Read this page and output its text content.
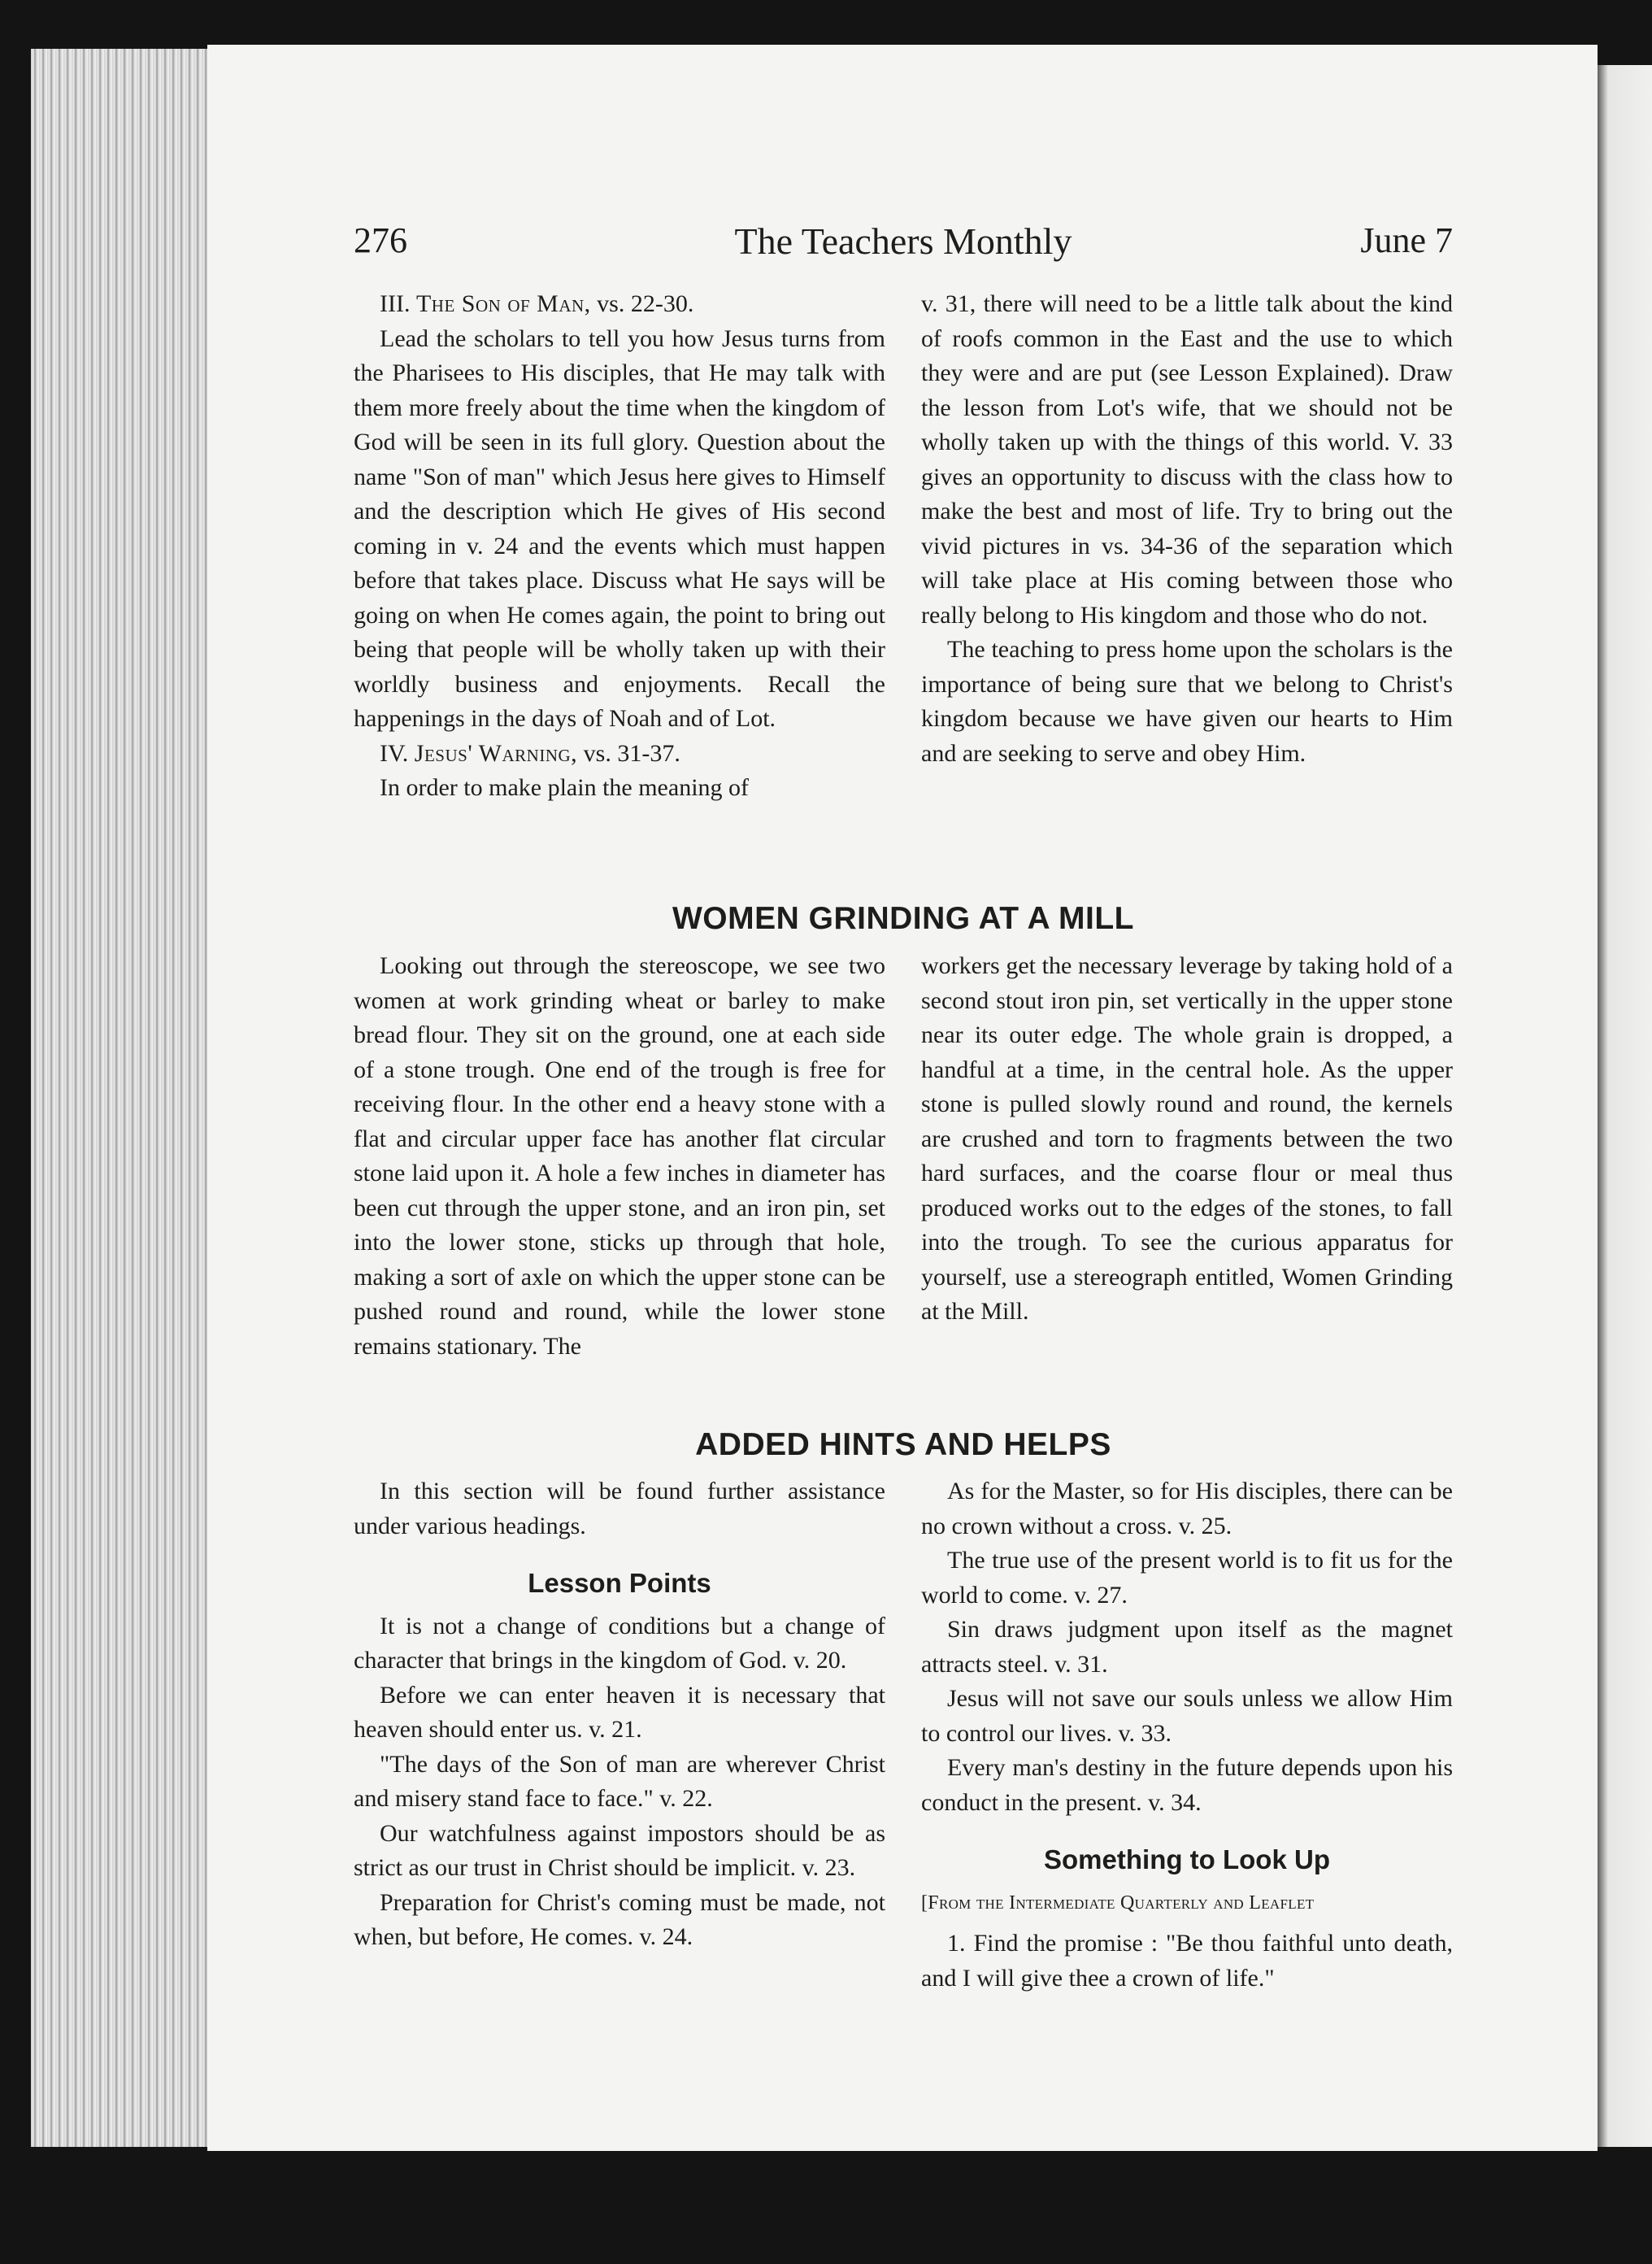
The Teachers Monthly
276	June 7

III. The Son of Man, vs. 22-30.

Lead the scholars to tell you how Jesus turns from the Pharisees to His disciples, that He may talk with them more freely about the time when the kingdom of God will be seen in its full glory. Question about the name "Son of man" which Jesus here gives to Himself and the description which He gives of His second coming in v. 24 and the events which must happen before that takes place. Discuss what He says will be going on when He comes again, the point to bring out being that people will be wholly taken up with their worldly business and enjoyments. Recall the happenings in the days of Noah and of Lot.

IV. Jesus' Warning, vs. 31-37.

In order to make plain the meaning of

v. 31, there will need to be a little talk about the kind of roofs common in the East and the use to which they were and are put (see Lesson Explained). Draw the lesson from Lot's wife, that we should not be wholly taken up with the things of this world. V. 33 gives an opportunity to discuss with the class how to make the best and most of life. Try to bring out the vivid pictures in vs. 34-36 of the separation which will take place at His coming between those who really belong to His kingdom and those who do not.

The teaching to press home upon the scholars is the importance of being sure that we belong to Christ's kingdom because we have given our hearts to Him and are seeking to serve and obey Him.

WOMEN GRINDING AT A MILL

Looking out through the stereoscope, we see two women at work grinding wheat or barley to make bread flour. They sit on the ground, one at each side of a stone trough. One end of the trough is free for receiving flour. In the other end a heavy stone with a flat and circular upper face has another flat circular stone laid upon it. A hole a few inches in diameter has been cut through the upper stone, and an iron pin, set into the lower stone, sticks up through that hole, making a sort of axle on which the upper stone can be pushed round and round, while the lower stone remains stationary. The

workers get the necessary leverage by taking hold of a second stout iron pin, set vertically in the upper stone near its outer edge. The whole grain is dropped, a handful at a time, in the central hole. As the upper stone is pulled slowly round and round, the kernels are crushed and torn to fragments between the two hard surfaces, and the coarse flour or meal thus produced works out to the edges of the stones, to fall into the trough. To see the curious apparatus for yourself, use a stereograph entitled, Women Grinding at the Mill.

ADDED HINTS AND HELPS

In this section will be found further assistance under various headings.

Lesson Points

It is not a change of conditions but a change of character that brings in the kingdom of God. v. 20.

Before we can enter heaven it is necessary that heaven should enter us. v. 21.

"The days of the Son of man are wherever Christ and misery stand face to face." v. 22.

Our watchfulness against impostors should be as strict as our trust in Christ should be implicit. v. 23.

Preparation for Christ's coming must be made, not when, but before, He comes. v. 24.

As for the Master, so for His disciples, there can be no crown without a cross. v. 25.

The true use of the present world is to fit us for the world to come. v. 27.

Sin draws judgment upon itself as the magnet attracts steel. v. 31.

Jesus will not save our souls unless we allow Him to control our lives. v. 33.

Every man's destiny in the future depends upon his conduct in the present. v. 34.

Something to Look Up

[From the Intermediate Quarterly and Leaflet

1. Find the promise : "Be thou faithful unto death, and I will give thee a crown of life."
